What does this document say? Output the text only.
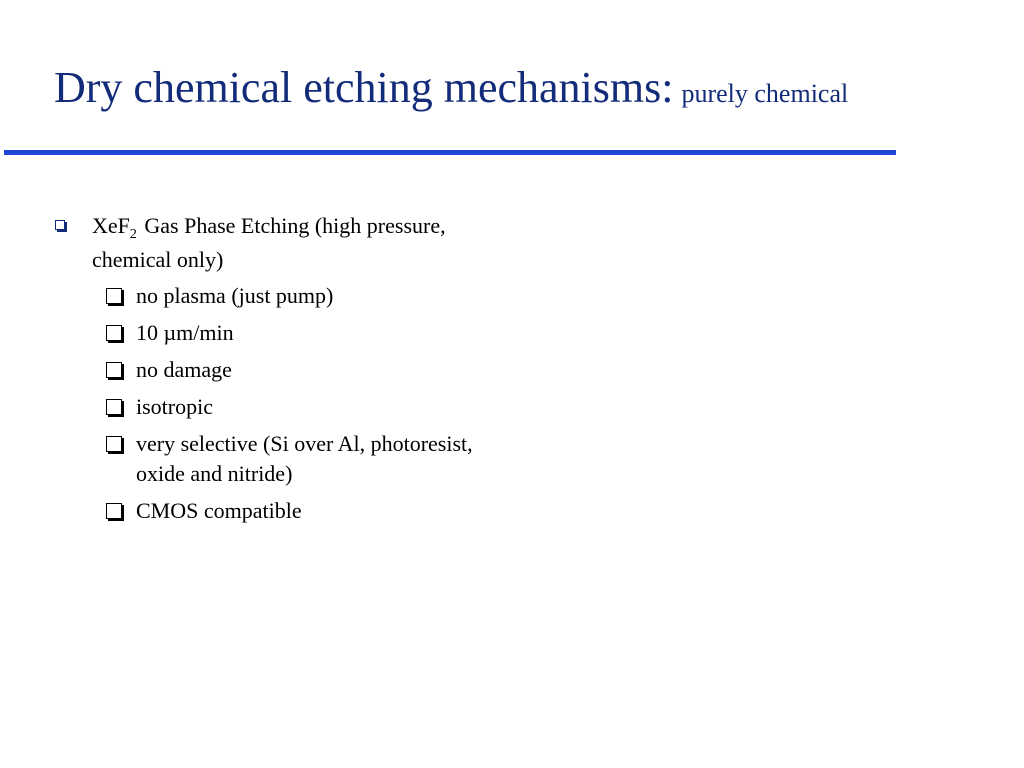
Dry chemical etching mechanisms: purely chemical
XeF$_2$ Gas Phase Etching (high pressure, chemical only)
no plasma (just pump)
10 µm/min
no damage
isotropic
very selective (Si over Al, photoresist, oxide and nitride)
CMOS compatible
